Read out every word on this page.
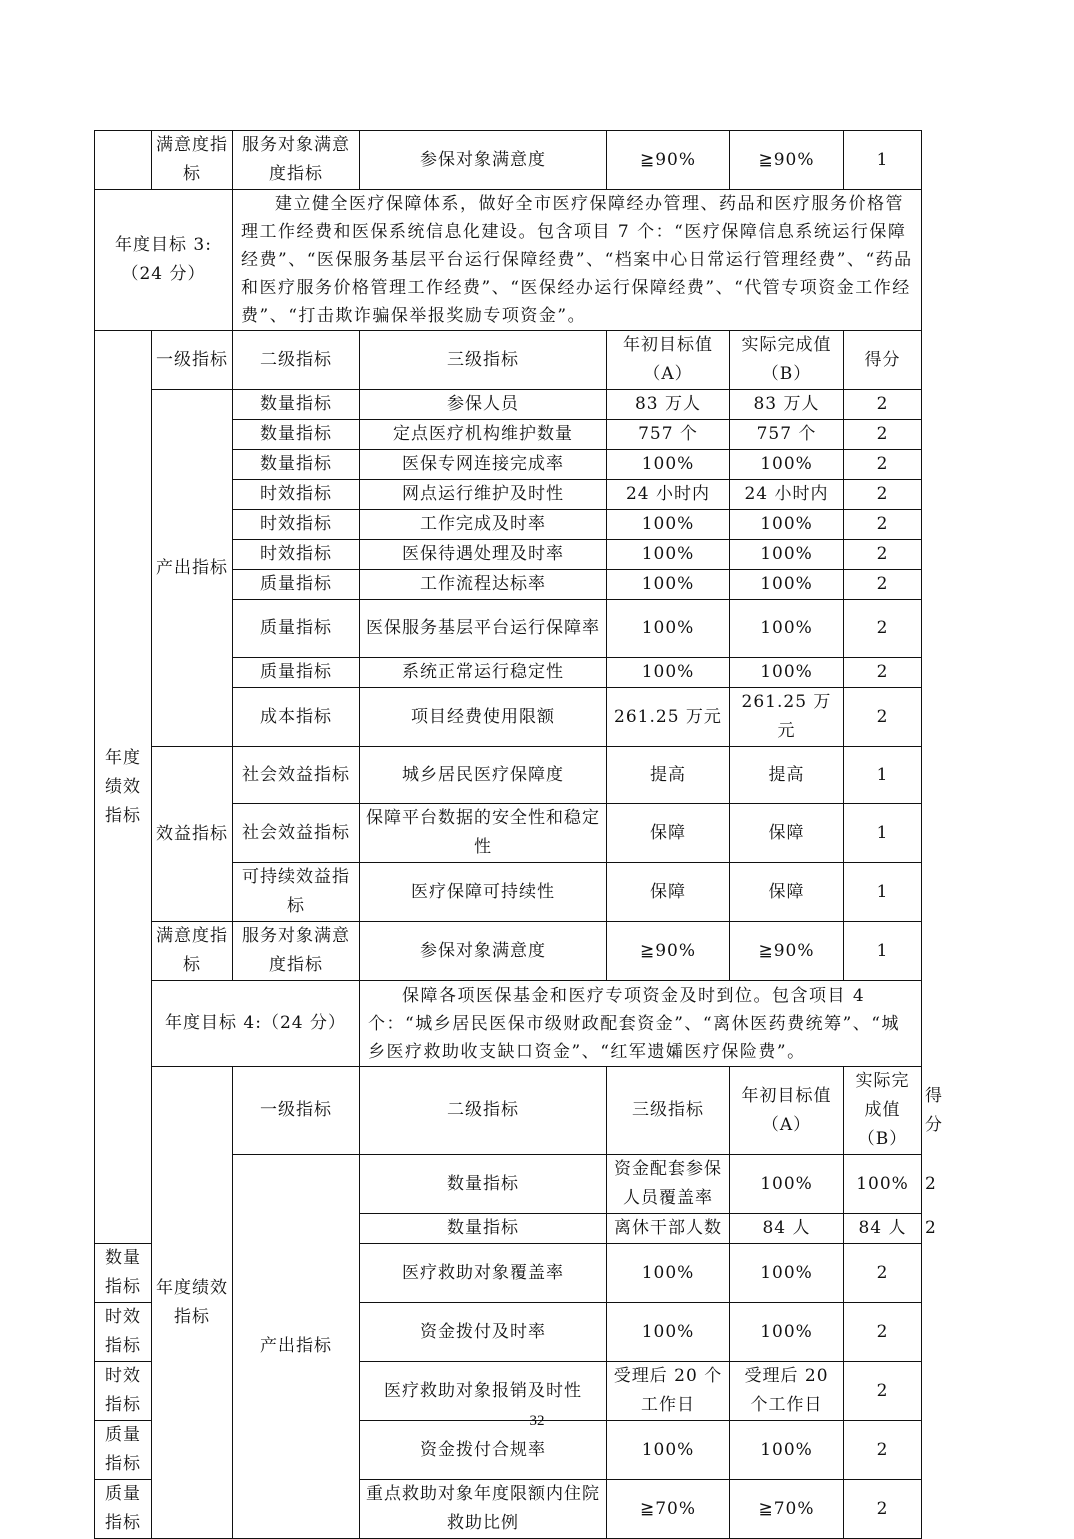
	满意度指标	服务对象满意度指标	参保对象满意度	≧90%	≧90%	1	
年度目标 3:（24 分）		建立健全医疗保障体系，做好全市医疗保障经办管理、药品和医疗服务价格管理工作经费和医保系统信息化建设。包含项目 7 个：“医疗保障信息系统运行保障经费”、“医保服务基层平台运行保障经费”、“档案中心日常运行管理经费”、“药品和医疗服务价格管理工作经费”、“医保经办运行保障经费”、“代管专项资金工作经费”、“打击欺诈骗保举报奖励专项资金”。					
年度绩效指标	一级指标	二级指标	三级指标	年初目标值（A）	实际完成值（B）	得分	
	产出指标	数量指标	参保人员	83 万人	83 万人	2	
		数量指标	定点医疗机构维护数量	757 个	757 个	2	
		数量指标	医保专网连接完成率	100%	100%	2	
		时效指标	网点运行维护及时性	24 小时内	24 小时内	2	
		时效指标	工作完成及时率	100%	100%	2	
		时效指标	医保待遇处理及时率	100%	100%	2	
		质量指标	工作流程达标率	100%	100%	2	
		质量指标	医保服务基层平台运行保障率	100%	100%	2	
		质量指标	系统正常运行稳定性	100%	100%	2	
		成本指标	项目经费使用限额	261.25 万元	261.25 万元	2	
	效益指标	社会效益指标	城乡居民医疗保障度	提高	提高	1	
		社会效益指标	保障平台数据的安全性和稳定性	保障	保障	1	
		可持续效益指标	医疗保障可持续性	保障	保障	1	
	满意度指标	服务对象满意度指标	参保对象满意度	≧90%	≧90%	1	
	年度目标 4:（24 分）		保障各项医保基金和医疗专项资金及时到位。包含项目 4 个：“城乡居民医保市级财政配套资金”、“离休医药费统筹”、“城乡医疗救助收支缺口资金”、“红军遗孀医疗保险费”。				
	年度绩效指标	一级指标	二级指标	三级指标	年初目标值（A）	实际完成值（B）	得分
		产出指标	数量指标	资金配套参保人员覆盖率	100%	100%	2
			数量指标	离休干部人数	84 人	84 人	2
数量指标			医疗救助对象覆盖率	100%	100%	2	
时效指标			资金拨付及时率	100%	100%	2	
时效指标			医疗救助对象报销及时性	受理后 20 个工作日	受理后 20 个工作日	2	
质量指标			资金拨付合规率	100%	100%	2	
质量指标			重点救助对象年度限额内住院救助比例	≧70%	≧70%	2	
32
